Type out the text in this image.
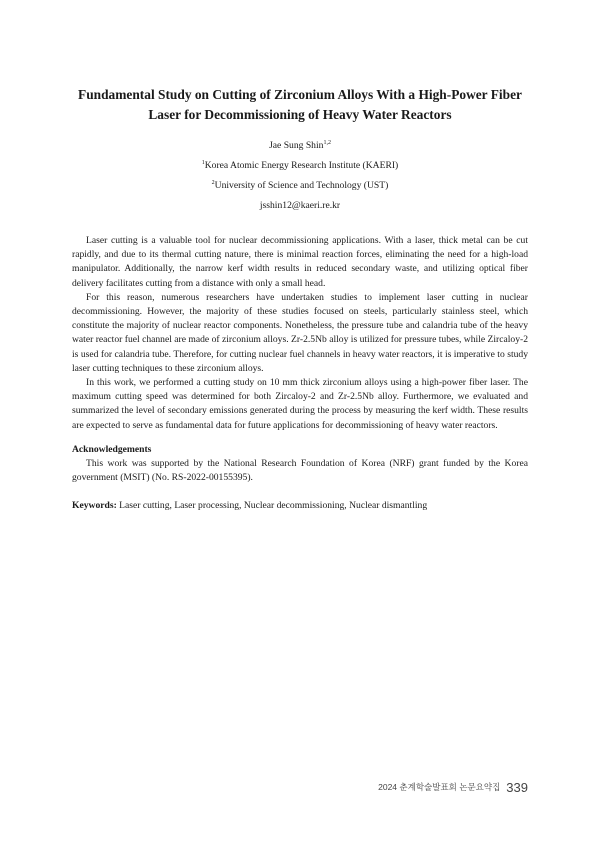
Fundamental Study on Cutting of Zirconium Alloys With a High-Power Fiber
Laser for Decommissioning of Heavy Water Reactors
Jae Sung Shin$^{1,2}$
$^1$Korea Atomic Energy Research Institute (KAERI)
$^2$University of Science and Technology (UST)
jsshin12@kaeri.re.kr

Laser cutting is a valuable tool for nuclear decommissioning applications. With a laser, thick metal can be cut rapidly, and due to its thermal cutting nature, there is minimal reaction forces, eliminating the need for a high-load manipulator. Additionally, the narrow kerf width results in reduced secondary waste, and utilizing optical fiber delivery facilitates cutting from a distance with only a small head.

For this reason, numerous researchers have undertaken studies to implement laser cutting in nuclear decommissioning. However, the majority of these studies focused on steels, particularly stainless steel, which constitute the majority of nuclear reactor components. Nonetheless, the pressure tube and calandria tube of the heavy water reactor fuel channel are made of zirconium alloys. Zr-2.5Nb alloy is utilized for pressure tubes, while Zircaloy-2 is used for calandria tube. Therefore, for cutting nuclear fuel channels in heavy water reactors, it is imperative to study laser cutting techniques to these zirconium alloys.

In this work, we performed a cutting study on 10 mm thick zirconium alloys using a high-power fiber laser. The maximum cutting speed was determined for both Zircaloy-2 and Zr-2.5Nb alloy. Furthermore, we evaluated and summarized the level of secondary emissions generated during the process by measuring the kerf width. These results are expected to serve as fundamental data for future applications for decommissioning of heavy water reactors.

Acknowledgements

This work was supported by the National Research Foundation of Korea (NRF) grant funded by the Korea government (MSIT) (No. RS-2022-00155395).

Keywords: Laser cutting, Laser processing, Nuclear decommissioning, Nuclear dismantling
2024 춘계학술발표회 논문요약집 339
